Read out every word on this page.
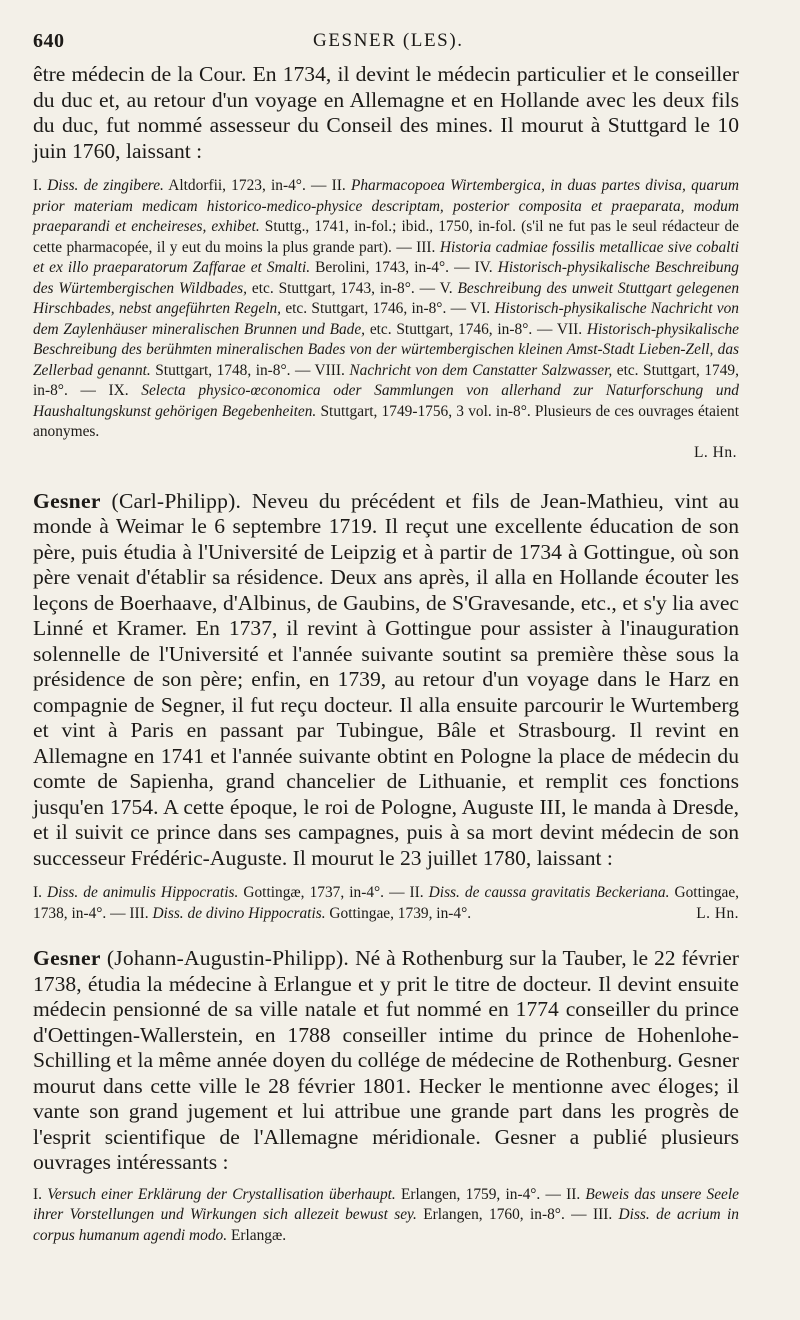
640	GESNER (LES).

être médecin de la Cour. En 1734, il devint le médecin particulier et le conseiller du duc et, au retour d'un voyage en Allemagne et en Hollande avec les deux fils du duc, fut nommé assesseur du Conseil des mines. Il mourut à Stuttgard le 10 juin 1760, laissant :

I. Diss. de zingibere. Altdorfii, 1723, in-4°. — II. Pharmacopoea Wirtembergica, in duas partes divisa, quarum prior materiam medicam historico-medico-physice descriptam, posterior composita et praeparata, modum praeparandi et encheireses, exhibet. Stuttg., 1741, in-fol.; ibid., 1750, in-fol. (s'il ne fut pas le seul rédacteur de cette pharmacopée, il y eut du moins la plus grande part). — III. Historia cadmiae fossilis metallicae sive cobalti et ex illo praeparatorum Zaffarae et Smalti. Berolini, 1743, in-4°. — IV. Historisch-physikalische Beschreibung des Würtembergischen Wildbades, etc. Stuttgart, 1743, in-8°. — V. Beschreibung des unweit Stuttgart gelegenen Hirschbades, nebst angeführten Regeln, etc. Stuttgart, 1746, in-8°. — VI. Historisch-physikalische Nachricht von dem Zaylenhäuser mineralischen Brunnen und Bade, etc. Stuttgart, 1746, in-8°. — VII. Historisch-physikalische Beschreibung des berühmten mineralischen Bades von der würtembergischen kleinen Amst-Stadt Lieben-Zell, das Zellerbad genannt. Stuttgart, 1748, in-8°. — VIII. Nachricht von dem Canstatter Salzwasser, etc. Stuttgart, 1749, in-8°. — IX. Selecta physico-œconomica oder Sammlungen von allerhand zur Naturforschung und Haushaltungskunst gehörigen Begebenheiten. Stuttgart, 1749-1756, 3 vol. in-8°. Plusieurs de ces ouvrages étaient anonymes.

L. Hn.

Gesner (Carl-Philipp). Neveu du précédent et fils de Jean-Mathieu, vint au monde à Weimar le 6 septembre 1719. Il reçut une excellente éducation de son père, puis étudia à l'Université de Leipzig et à partir de 1734 à Gottingue, où son père venait d'établir sa résidence. Deux ans après, il alla en Hollande écouter les leçons de Boerhaave, d'Albinus, de Gaubins, de S'Gravesande, etc., et s'y lia avec Linné et Kramer. En 1737, il revint à Gottingue pour assister à l'inauguration solennelle de l'Université et l'année suivante soutint sa première thèse sous la présidence de son père; enfin, en 1739, au retour d'un voyage dans le Harz en compagnie de Segner, il fut reçu docteur. Il alla ensuite parcourir le Wurtemberg et vint à Paris en passant par Tubingue, Bâle et Strasbourg. Il revint en Allemagne en 1741 et l'année suivante obtint en Pologne la place de médecin du comte de Sapienha, grand chancelier de Lithuanie, et remplit ces fonctions jusqu'en 1754. A cette époque, le roi de Pologne, Auguste III, le manda à Dresde, et il suivit ce prince dans ses campagnes, puis à sa mort devint médecin de son successeur Frédéric-Auguste. Il mourut le 23 juillet 1780, laissant :

I. Diss. de animulis Hippocratis. Gottingæ, 1737, in-4°. — II. Diss. de caussa gravitatis Beckeriana. Gottingae, 1738, in-4°. — III. Diss. de divino Hippocratis. Gottingae, 1739, in-4°.	L. Hn.

Gesner (Johann-Augustin-Philipp). Né à Rothenburg sur la Tauber, le 22 février 1738, étudia la médecine à Erlangue et y prit le titre de docteur. Il devint ensuite médecin pensionné de sa ville natale et fut nommé en 1774 conseiller du prince d'Oettingen-Wallerstein, en 1788 conseiller intime du prince de Hohenlohe-Schilling et la même année doyen du collége de médecine de Rothenburg. Gesner mourut dans cette ville le 28 février 1801. Hecker le mentionne avec éloges; il vante son grand jugement et lui attribue une grande part dans les progrès de l'esprit scientifique de l'Allemagne méridionale. Gesner a publié plusieurs ouvrages intéressants :

I. Versuch einer Erklärung der Crystallisation überhaupt. Erlangen, 1759, in-4°. — II. Beweis das unsere Seele ihrer Vorstellungen und Wirkungen sich allezeit bewust sey. Erlangen, 1760, in-8°. — III. Diss. de acrium in corpus humanum agendi modo. Erlangæ.
